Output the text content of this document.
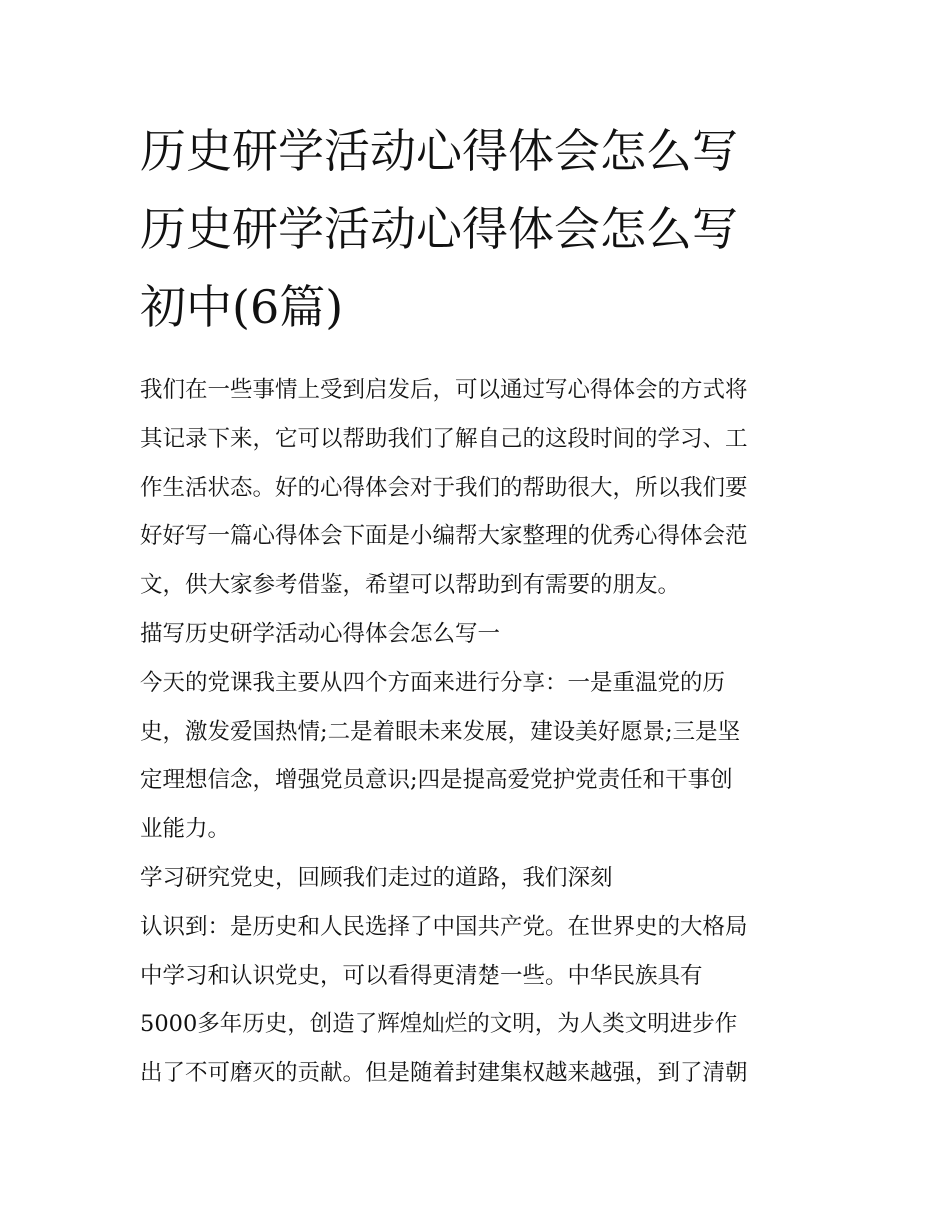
历史研学活动心得体会怎么写
历史研学活动心得体会怎么写
初中(6篇)
我们在一些事情上受到启发后，可以通过写心得体会的方式将
其记录下来，它可以帮助我们了解自己的这段时间的学习、工
作生活状态。好的心得体会对于我们的帮助很大，所以我们要
好好写一篇心得体会下面是小编帮大家整理的优秀心得体会范
文，供大家参考借鉴，希望可以帮助到有需要的朋友。
描写历史研学活动心得体会怎么写一
今天的党课我主要从四个方面来进行分享：一是重温党的历
史，激发爱国热情;二是着眼未来发展，建设美好愿景;三是坚
定理想信念，增强党员意识;四是提高爱党护党责任和干事创
业能力。
学习研究党史，回顾我们走过的道路，我们深刻
认识到：是历史和人民选择了中国共产党。在世界史的大格局
中学习和认识党史，可以看得更清楚一些。中华民族具有
5000多年历史，创造了辉煌灿烂的文明，为人类文明进步作
出了不可磨灭的贡献。但是随着封建集权越来越强，到了清朝
